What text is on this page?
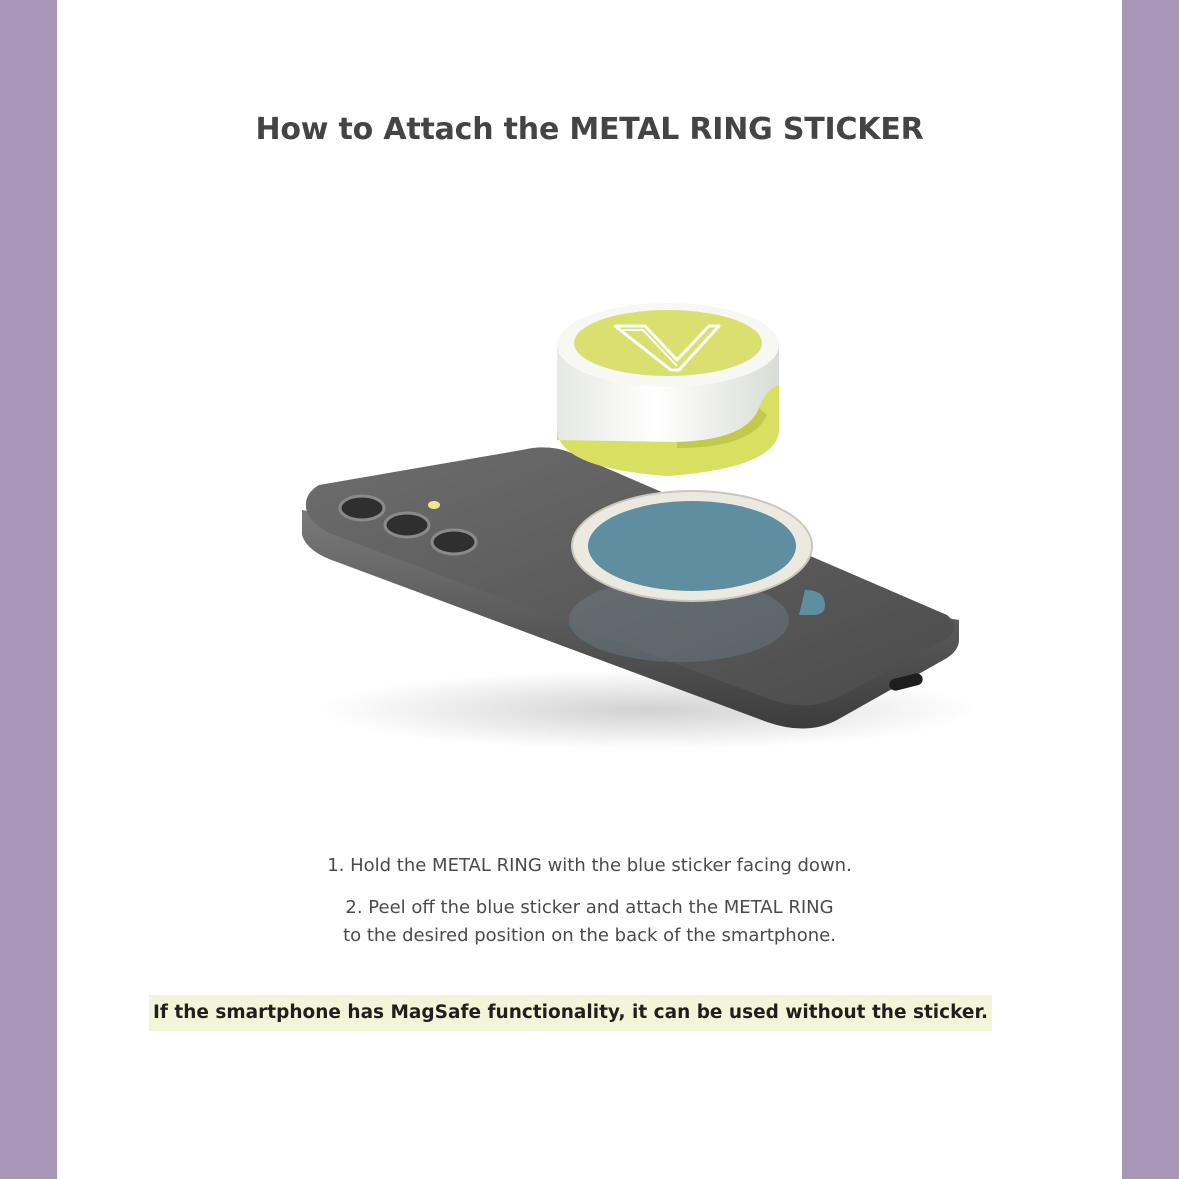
How to Attach the METAL RING STICKER
V

1. Hold the METAL RING with the blue sticker facing down.

2. Peel off the blue sticker and attach the METAL RING
to the desired position on the back of the smartphone.

If the smartphone has MagSafe functionality, it can be used without the sticker.
